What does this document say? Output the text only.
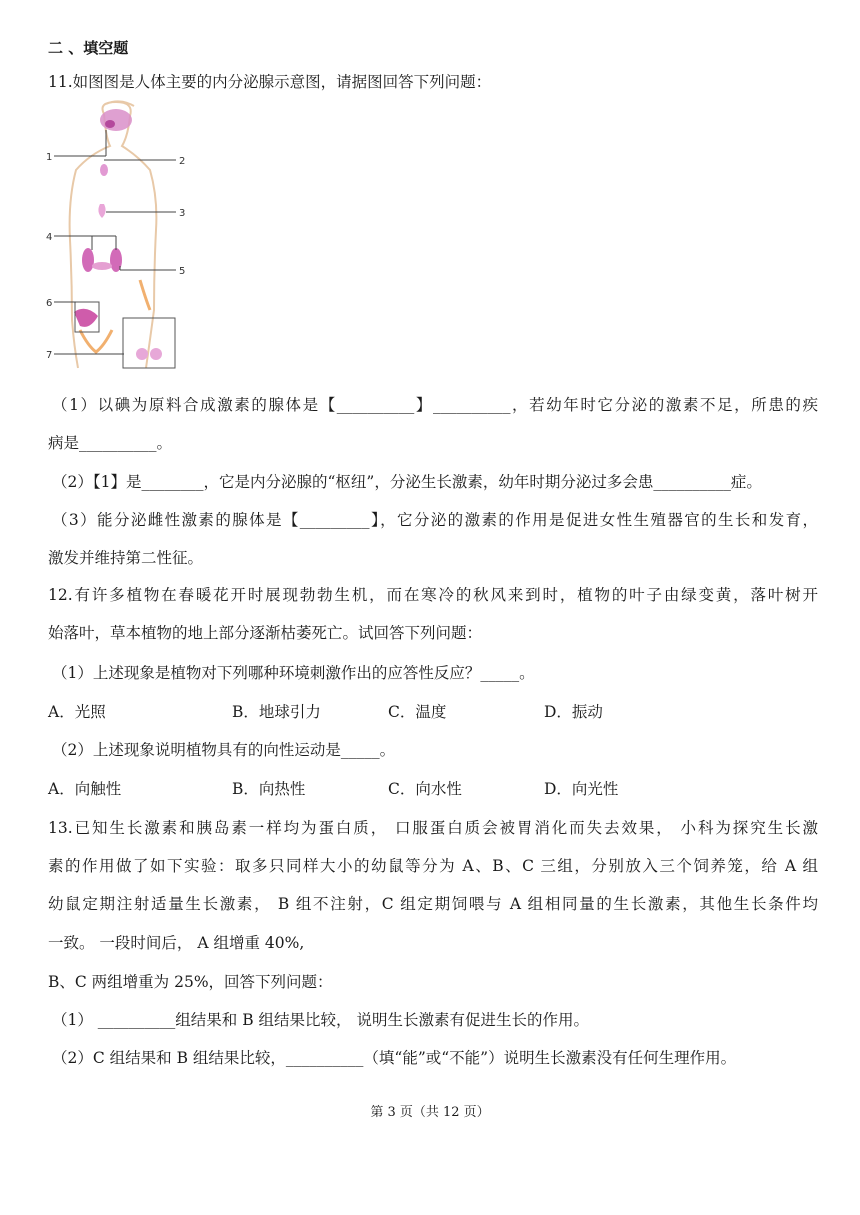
二 、填空题
11.如图图是人体主要的内分泌腺示意图，请据图回答下列问题：
1	2
3
4
5
6
7
（1）以碘为原料合成激素的腺体是【__________】__________，若幼年时它分泌的激素不足，所患的疾
病是__________。
（2）【1】是________，它是内分泌腺的“枢纽”，分泌生长激素，幼年时期分泌过多会患__________症。
（3）能分泌雌性激素的腺体是【_________】，它分泌的激素的作用是促进女性生殖器官的生长和发育，
激发并维持第二性征。
12.有许多植物在春暖花开时展现勃勃生机，而在寒冷的秋风来到时，植物的叶子由绿变黄，落叶树开
始落叶，草本植物的地上部分逐渐枯萎死亡。试回答下列问题：
（1）上述现象是植物对下列哪种环境刺激作出的应答性反应？_____。
A．光照	B．地球引力	C．温度	D．振动
（2）上述现象说明植物具有的向性运动是_____。
A．向触性	B．向热性	C．向水性	D．向光性
13.已知生长激素和胰岛素一样均为蛋白质， 口服蛋白质会被胃消化而失去效果， 小科为探究生长激
素的作用做了如下实验：取多只同样大小的幼鼠等分为 A、B、C 三组，分别放入三个饲养笼，给 A 组
幼鼠定期注射适量生长激素， B 组不注射，C 组定期饲喂与 A 组相同量的生长激素，其他生长条件均
一致。 一段时间后， A 组增重 40%,
B、C 两组增重为 25%，回答下列问题：
（1） __________组结果和 B 组结果比较， 说明生长激素有促进生长的作用。
（2）C 组结果和 B 组结果比较，__________（填“能”或“不能”）说明生长激素没有任何生理作用。
第 3 页（共 12 页）
